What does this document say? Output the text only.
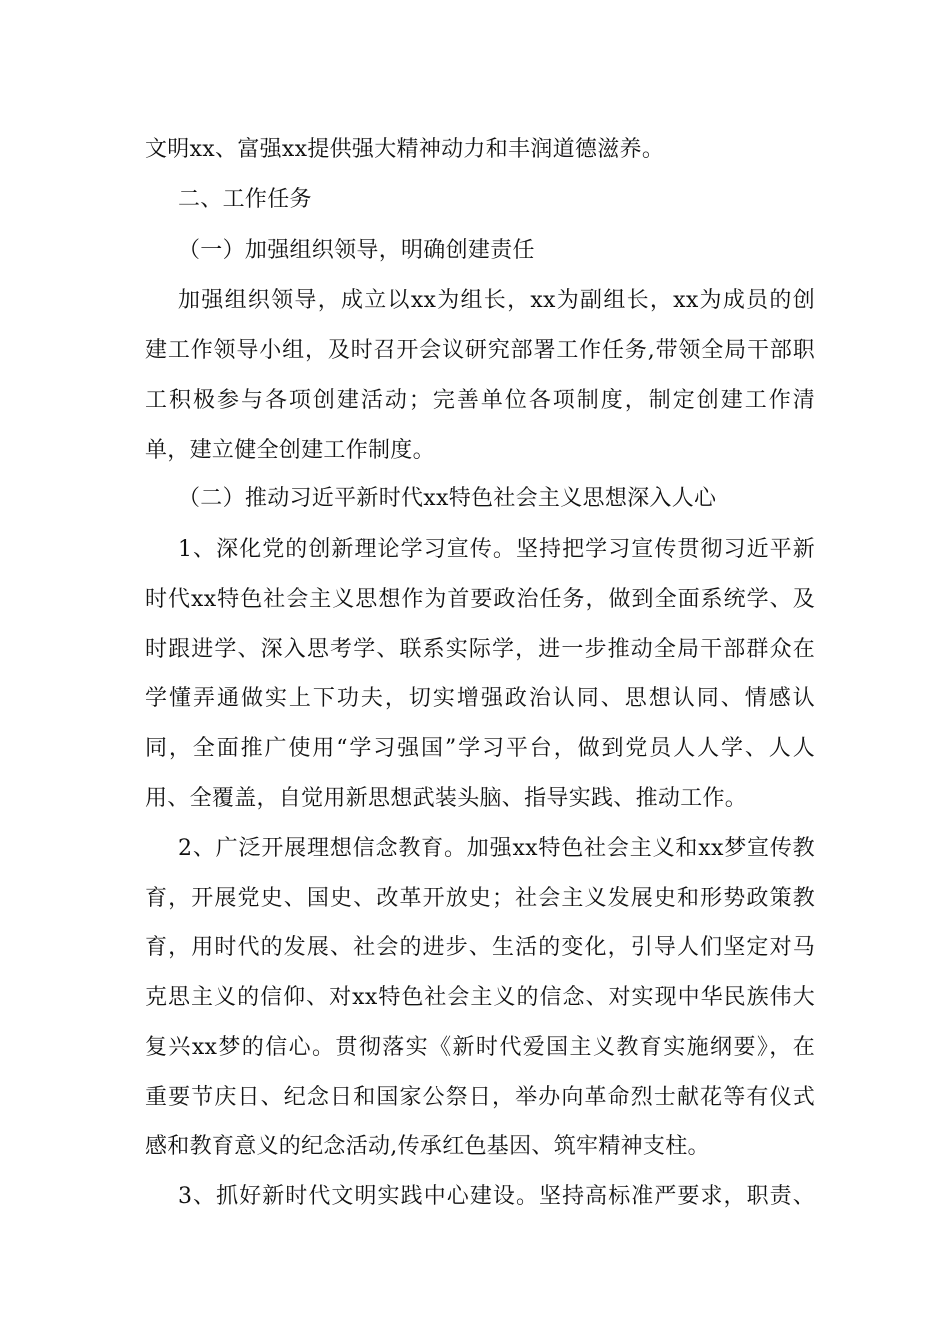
文明xx、富强xx提供强大精神动力和丰润道德滋养。
二、工作任务
（一）加强组织领导，明确创建责任
加强组织领导，成立以xx为组长，xx为副组长，xx为成员的创
建工作领导小组，及时召开会议研究部署工作任务,带领全局干部职
工积极参与各项创建活动；完善单位各项制度，制定创建工作清
单，建立健全创建工作制度。
（二）推动习近平新时代xx特色社会主义思想深入人心
1、深化党的创新理论学习宣传。坚持把学习宣传贯彻习近平新
时代xx特色社会主义思想作为首要政治任务，做到全面系统学、及
时跟进学、深入思考学、联系实际学，进一步推动全局干部群众在
学懂弄通做实上下功夫，切实增强政治认同、思想认同、情感认
同，全面推广使用“学习强国”学习平台，做到党员人人学、人人
用、全覆盖，自觉用新思想武装头脑、指导实践、推动工作。
2、广泛开展理想信念教育。加强xx特色社会主义和xx梦宣传教
育，开展党史、国史、改革开放史；社会主义发展史和形势政策教
育，用时代的发展、社会的进步、生活的变化，引导人们坚定对马
克思主义的信仰、对xx特色社会主义的信念、对实现中华民族伟大
复兴xx梦的信心。贯彻落实《新时代爱国主义教育实施纲要》，在
重要节庆日、纪念日和国家公祭日，举办向革命烈士献花等有仪式
感和教育意义的纪念活动,传承红色基因、筑牢精神支柱。
3、抓好新时代文明实践中心建设。坚持高标准严要求，职责、
